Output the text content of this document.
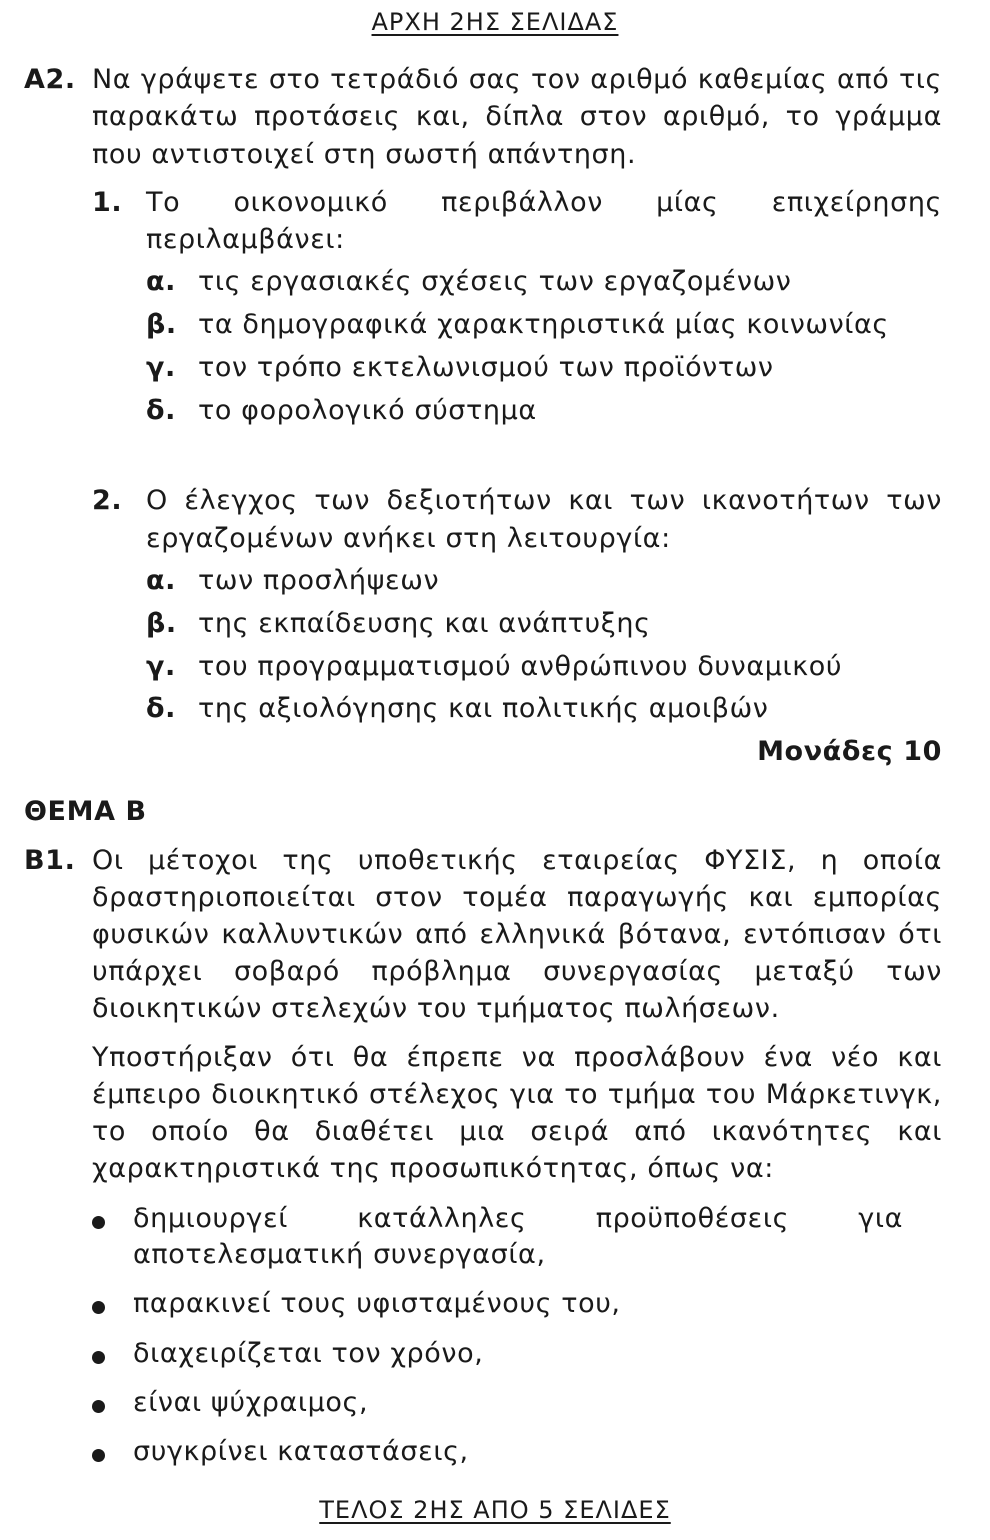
ΑΡΧΗ 2ΗΣ ΣΕΛΙΔΑΣ
Α2. Να γράψετε στο τετράδιό σας τον αριθμό καθεμίας από τις
παρακάτω προτάσεις και, δίπλα στον αριθμό, το γράμμα
που αντιστοιχεί στη σωστή απάντηση.
1. Το οικονομικό περιβάλλον μίας επιχείρησης
περιλαμβάνει:
α. τις εργασιακές σχέσεις των εργαζομένων
β. τα δημογραφικά χαρακτηριστικά μίας κοινωνίας
γ. τον τρόπο εκτελωνισμού των προϊόντων
δ. το φορολογικό σύστημα
2. Ο έλεγχος των δεξιοτήτων και των ικανοτήτων των
εργαζομένων ανήκει στη λειτουργία:
α. των προσλήψεων
β. της εκπαίδευσης και ανάπτυξης
γ. του προγραμματισμού ανθρώπινου δυναμικού
δ. της αξιολόγησης και πολιτικής αμοιβών
Μονάδες 10
ΘΕΜΑ Β
Β1. Οι μέτοχοι της υποθετικής εταιρείας ΦΥΣΙΣ, η οποία
δραστηριοποιείται στον τομέα παραγωγής και εμπορίας
φυσικών καλλυντικών από ελληνικά βότανα, εντόπισαν ότι
υπάρχει σοβαρό πρόβλημα συνεργασίας μεταξύ των
διοικητικών στελεχών του τμήματος πωλήσεων.
Υποστήριξαν ότι θα έπρεπε να προσλάβουν ένα νέο και
έμπειρο διοικητικό στέλεχος για το τμήμα του Μάρκετινγκ,
το οποίο θα διαθέτει μια σειρά από ικανότητες και
χαρακτηριστικά της προσωπικότητας, όπως να:
δημιουργεί κατάλληλες προϋποθέσεις για
αποτελεσματική συνεργασία,
παρακινεί τους υφισταμένους του,
διαχειρίζεται τον χρόνο,
είναι ψύχραιμος,
συγκρίνει καταστάσεις,
ΤΕΛΟΣ 2ΗΣ ΑΠΟ 5 ΣΕΛΙΔΕΣ
